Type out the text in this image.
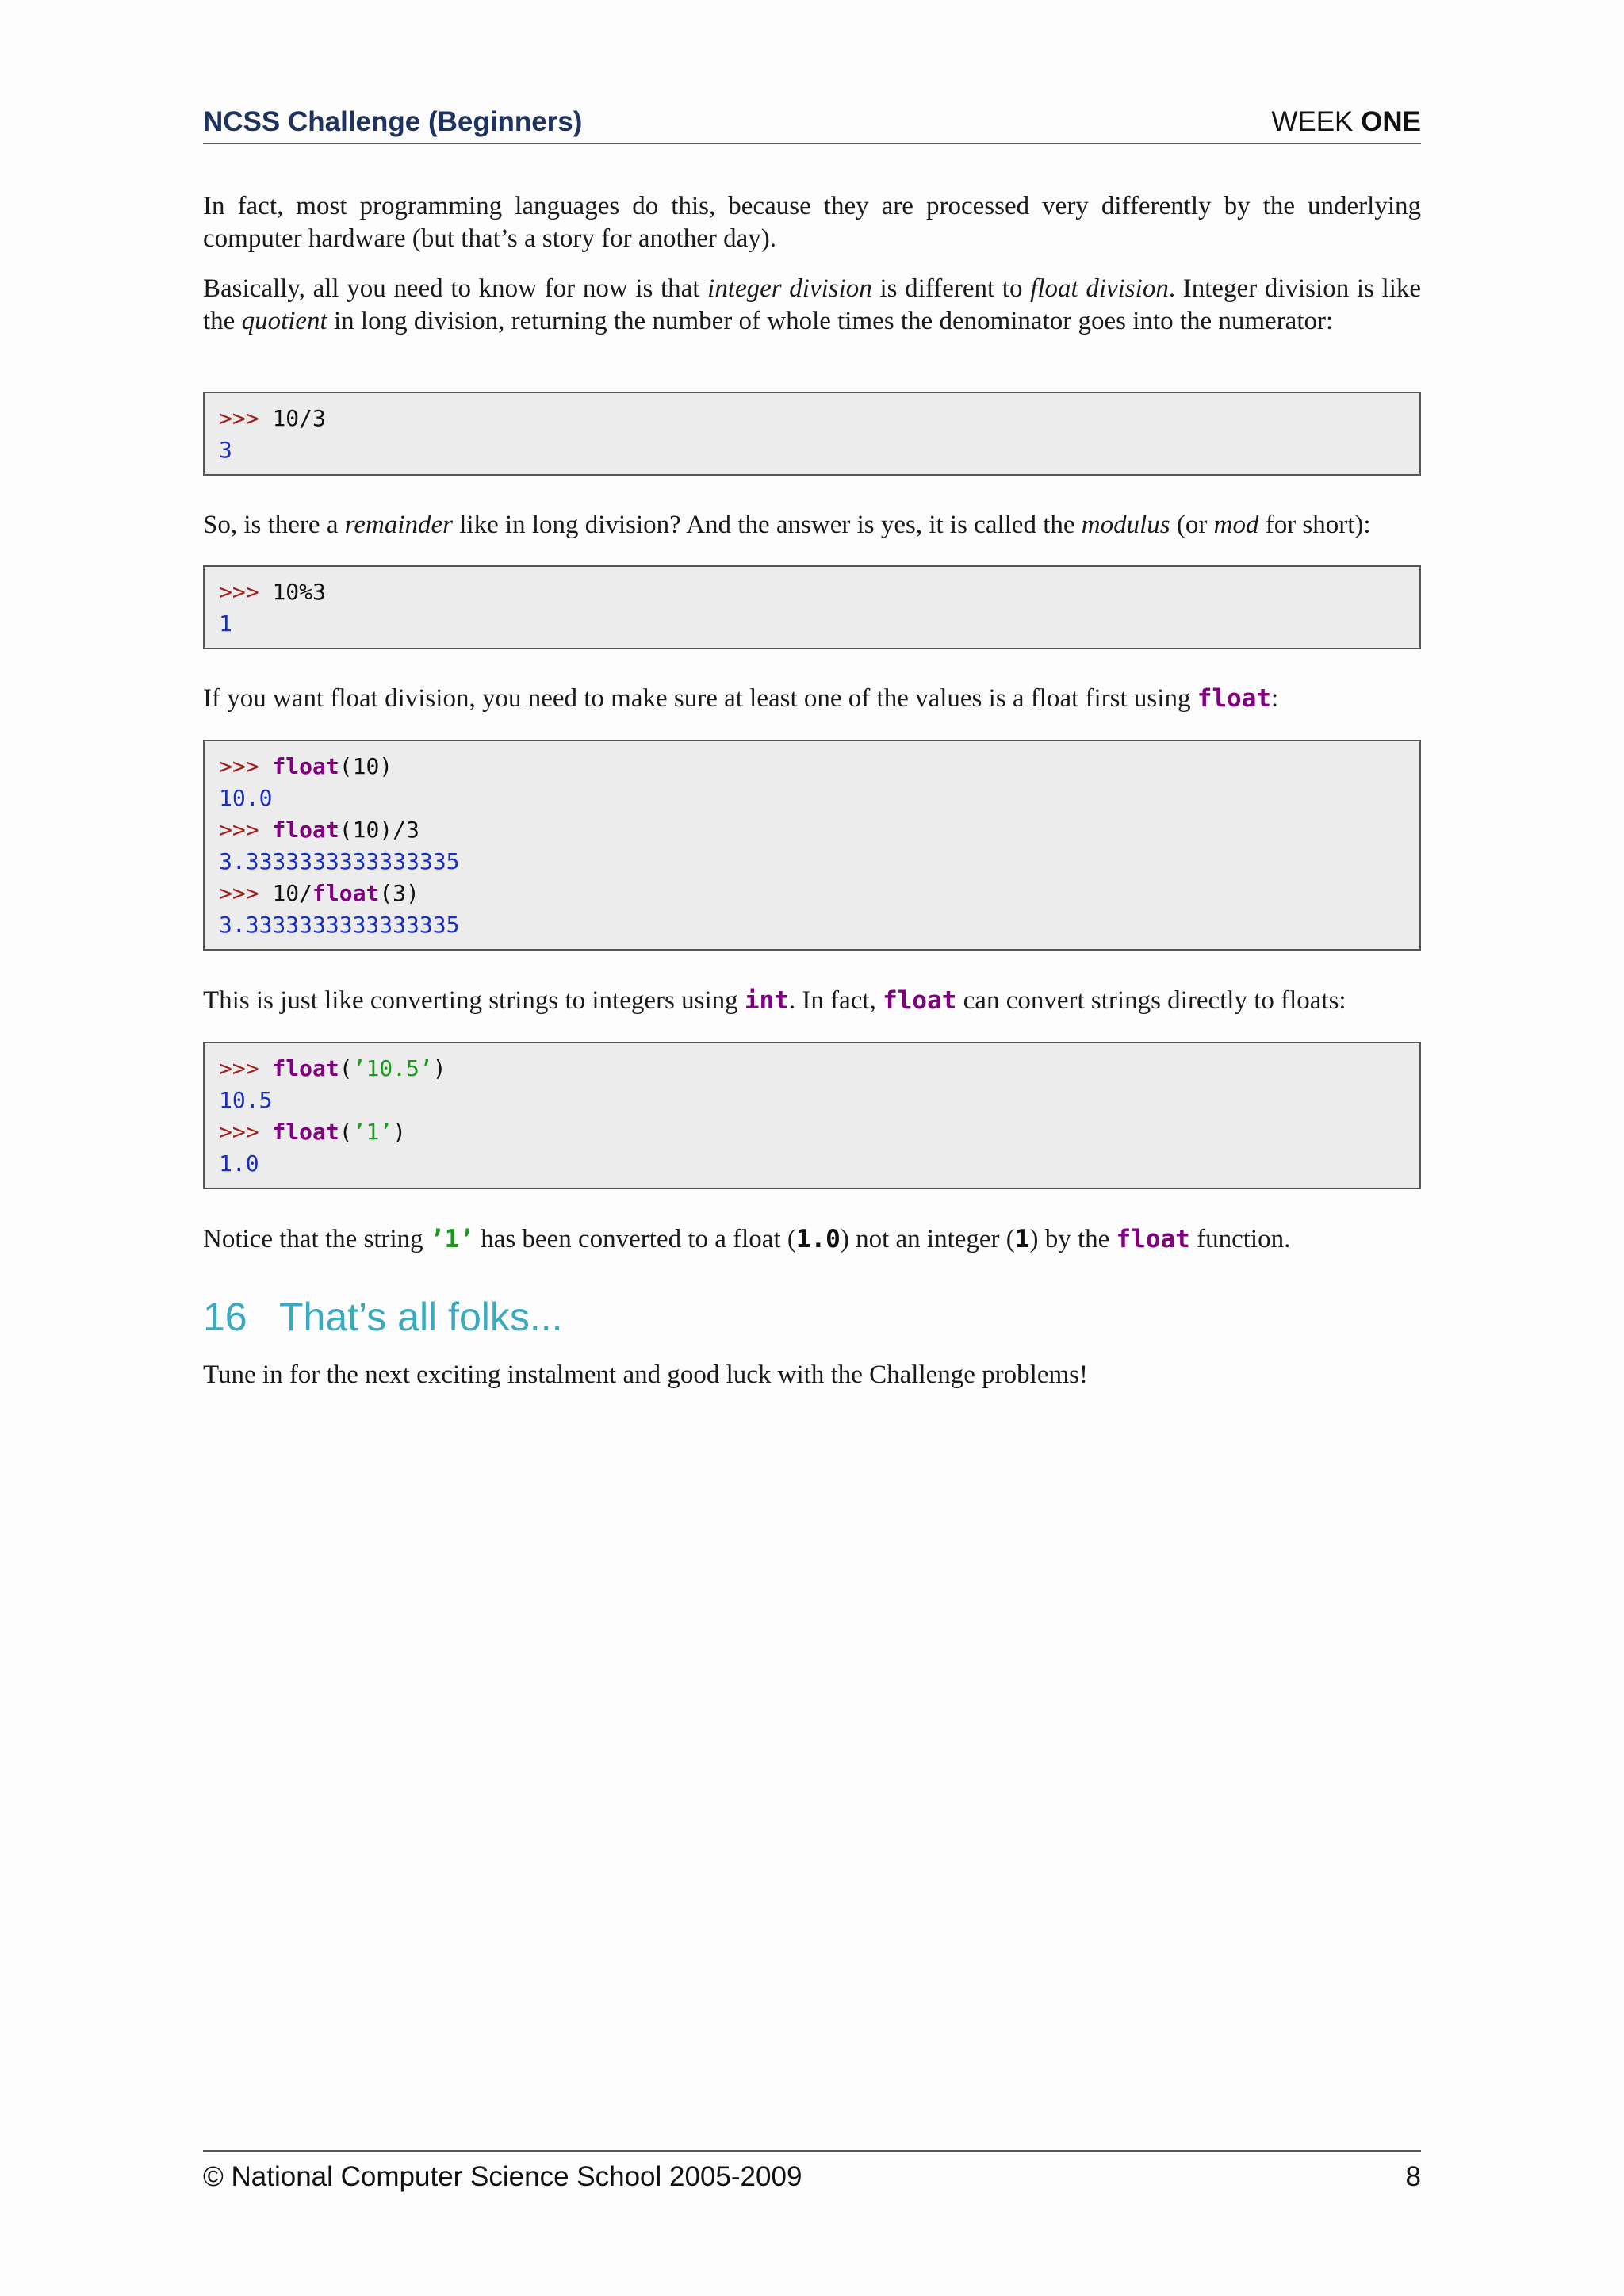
NCSS Challenge (Beginners)	WEEK ONE

In fact, most programming languages do this, because they are processed very differently by the underlying computer hardware (but that’s a story for another day).

Basically, all you need to know for now is that integer division is different to float division. Integer division is like the quotient in long division, returning the number of whole times the denominator goes into the numerator:

So, is there a remainder like in long division? And the answer is yes, it is called the modulus (or mod for short):

If you want float division, you need to make sure at least one of the values is a float first using float:

This is just like converting strings to integers using int. In fact, float can convert strings directly to floats:

Notice that the string ’1’ has been converted to a float (1.0) not an integer (1) by the float function.

Tune in for the next exciting instalment and good luck with the Challenge problems!

>>> 10/3
3
>>> 10%3
1
>>> float(10)
10.0
>>> float(10)/3
3.3333333333333335
>>> 10/float(3)
3.3333333333333335
>>> float(’10.5’)
10.5
>>> float(’1’)
1.0
16 That’s all folks...
© National Computer Science School 2005-2009	8
